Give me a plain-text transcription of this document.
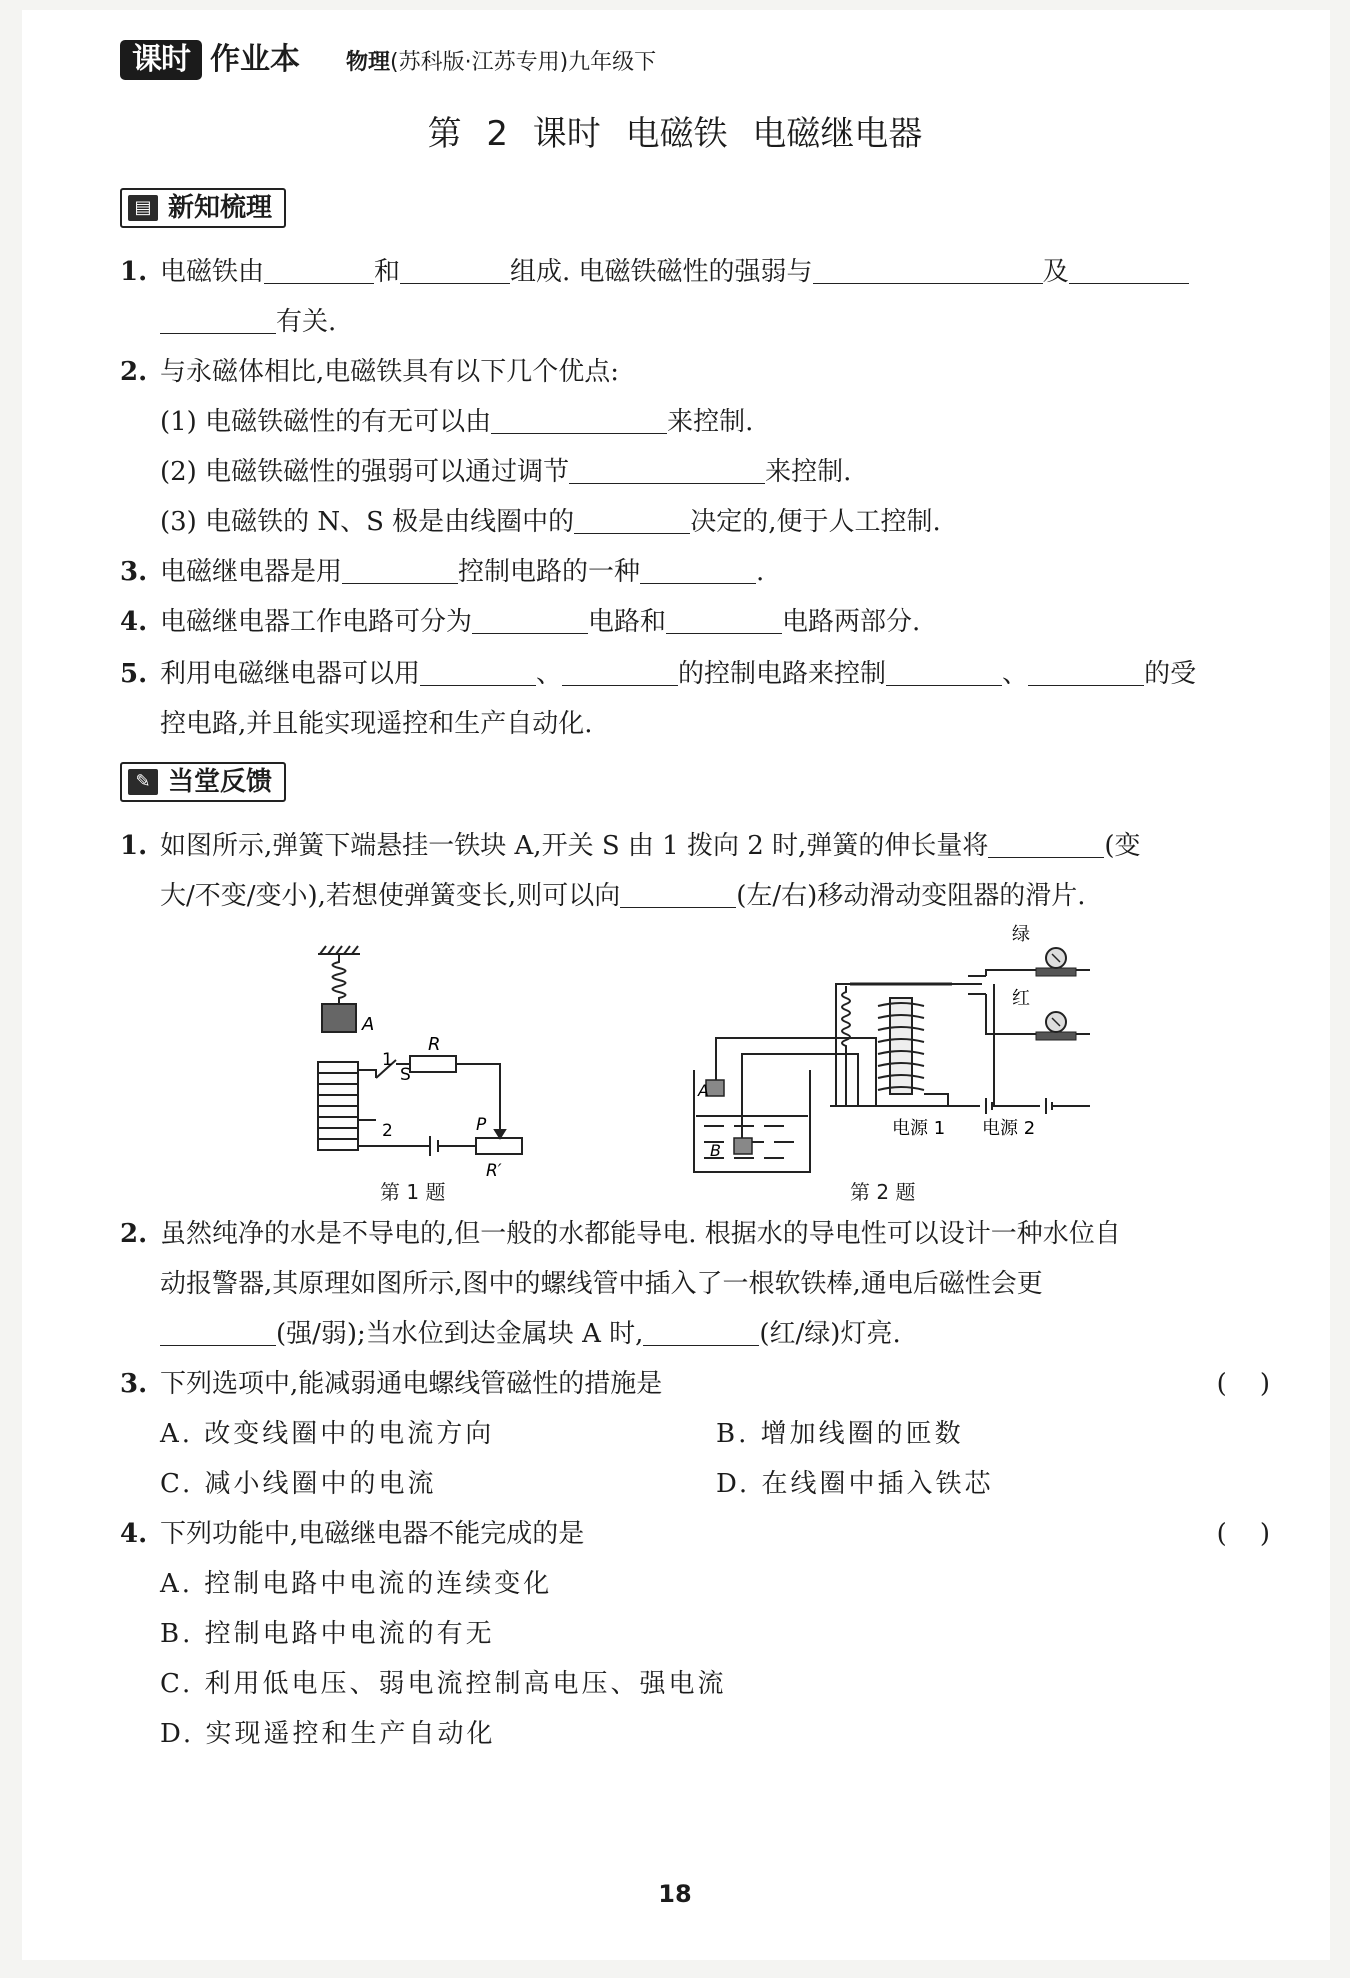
课时 作业本 物理(苏科版·江苏专用)九年级下
第 2 课时 电磁铁 电磁继电器
▤ 新知梳理
1. 电磁铁由	和	组成. 电磁铁磁性的强弱与	及
有关.
2. 与永磁体相比,电磁铁具有以下几个优点:
(1) 电磁铁磁性的有无可以由	来控制.
(2) 电磁铁磁性的强弱可以通过调节	来控制.
(3) 电磁铁的 N、S 极是由线圈中的	决定的,便于人工控制.
3. 电磁继电器是用	控制电路的一种	.
4. 电磁继电器工作电路可分为	电路和	电路两部分.
5. 利用电磁继电器可以用	、	的控制电路来控制	、	的受
控电路,并且能实现遥控和生产自动化.
✎ 当堂反馈
1. 如图所示,弹簧下端悬挂一铁块 A,开关 S 由 1 拨向 2 时,弹簧的伸长量将	(变
大/不变/变小),若想使弹簧变长,则可以向	(左/右)移动滑动变阻器的滑片.
A
1
S
R
2	P
R′
第 1 题
A
B
绿
红
电源 1 电源 2
第 2 题
2. 虽然纯净的水是不导电的,但一般的水都能导电. 根据水的导电性可以设计一种水位自
动报警器,其原理如图所示,图中的螺线管中插入了一根软铁棒,通电后磁性会更
(强/弱);当水位到达金属块 A 时,	(红/绿)灯亮.
3. 下列选项中,能减弱通电螺线管磁性的措施是	(    )
A. 改变线圈中的电流方向	B. 增加线圈的匝数
C. 减小线圈中的电流	D. 在线圈中插入铁芯
4. 下列功能中,电磁继电器不能完成的是	(    )
A. 控制电路中电流的连续变化
B. 控制电路中电流的有无
C. 利用低电压、弱电流控制高电压、强电流
D. 实现遥控和生产自动化
18
